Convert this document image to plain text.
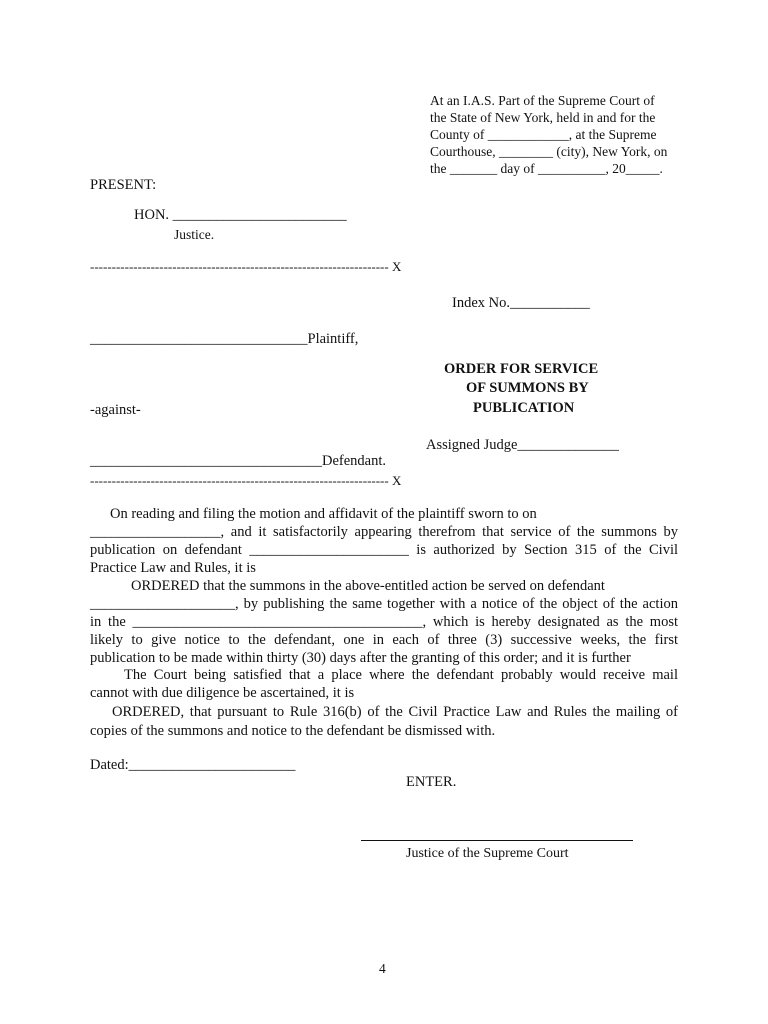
At an I.A.S. Part of the Supreme Court of
the State of New York, held in and for the
County of ____________, at the Supreme
Courthouse, ________ (city), New York, on
the _______ day of __________, 20_____.
PRESENT:
HON. ________________________
Justice.
--------------------------------------------------------------------- X
Index No.___________
______________________________Plaintiff,
ORDER FOR SERVICE
OF SUMMONS BY
PUBLICATION
-against-
Assigned Judge______________
________________________________Defendant.
--------------------------------------------------------------------- X
On reading and filing the motion and affidavit of the plaintiff sworn to on
__________________, and it satisfactorily appearing therefrom that service of the summons by
publication on defendant ______________________ is authorized by Section 315 of the Civil
Practice Law and Rules, it is
ORDERED that the summons in the above-entitled action be served on defendant
____________________, by publishing the same together with a notice of the object of the action
in the ________________________________________, which is hereby designated as the most
likely to give notice to the defendant, one in each of three (3) successive weeks, the first
publication to be made within thirty (30) days after the granting of this order; and it is further
The Court being satisfied that a place where the defendant probably would receive mail
cannot with due diligence be ascertained, it is
ORDERED, that pursuant to Rule 316(b) of the Civil Practice Law and Rules the mailing of
copies of the summons and notice to the defendant be dismissed with.
Dated:_______________________
ENTER.
Justice of the Supreme Court
4
